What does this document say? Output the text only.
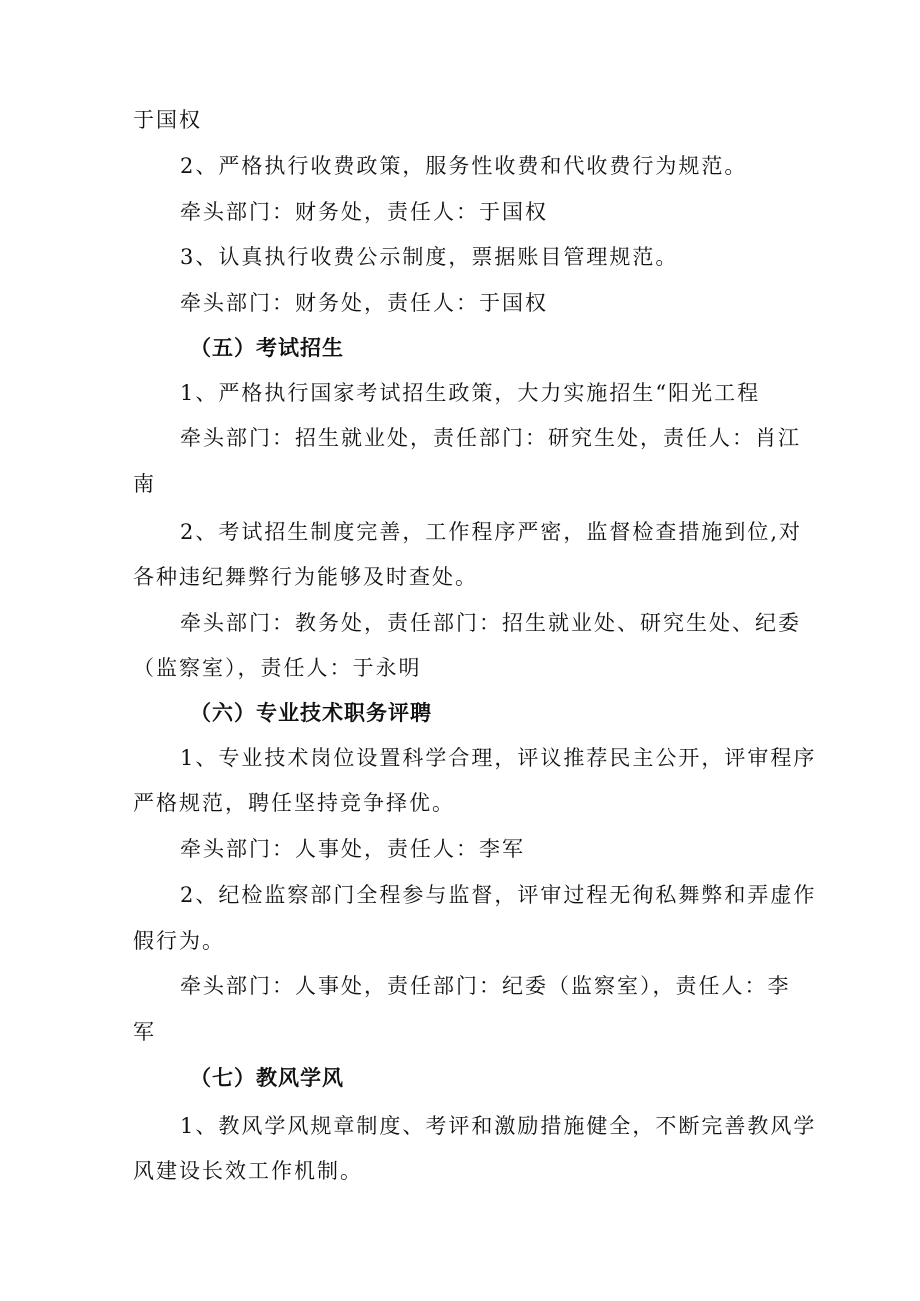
于国权
2、严格执行收费政策，服务性收费和代收费行为规范。
牵头部门：财务处，责任人：于国权
3、认真执行收费公示制度，票据账目管理规范。
牵头部门：财务处，责任人：于国权
（五）考试招生
1、严格执行国家考试招生政策，大力实施招生“阳光工程
牵头部门：招生就业处，责任部门：研究生处，责任人：肖江
南
2、考试招生制度完善，工作程序严密，监督检查措施到位,对
各种违纪舞弊行为能够及时查处。
牵头部门：教务处，责任部门：招生就业处、研究生处、纪委
（监察室），责任人：于永明
（六）专业技术职务评聘
1、专业技术岗位设置科学合理，评议推荐民主公开，评审程序
严格规范，聘任坚持竞争择优。
牵头部门：人事处，责任人：李军
2、纪检监察部门全程参与监督，评审过程无徇私舞弊和弄虚作
假行为。
牵头部门：人事处，责任部门：纪委（监察室），责任人：李
军
（七）教风学风
1、教风学风规章制度、考评和激励措施健全，不断完善教风学
风建设长效工作机制。
